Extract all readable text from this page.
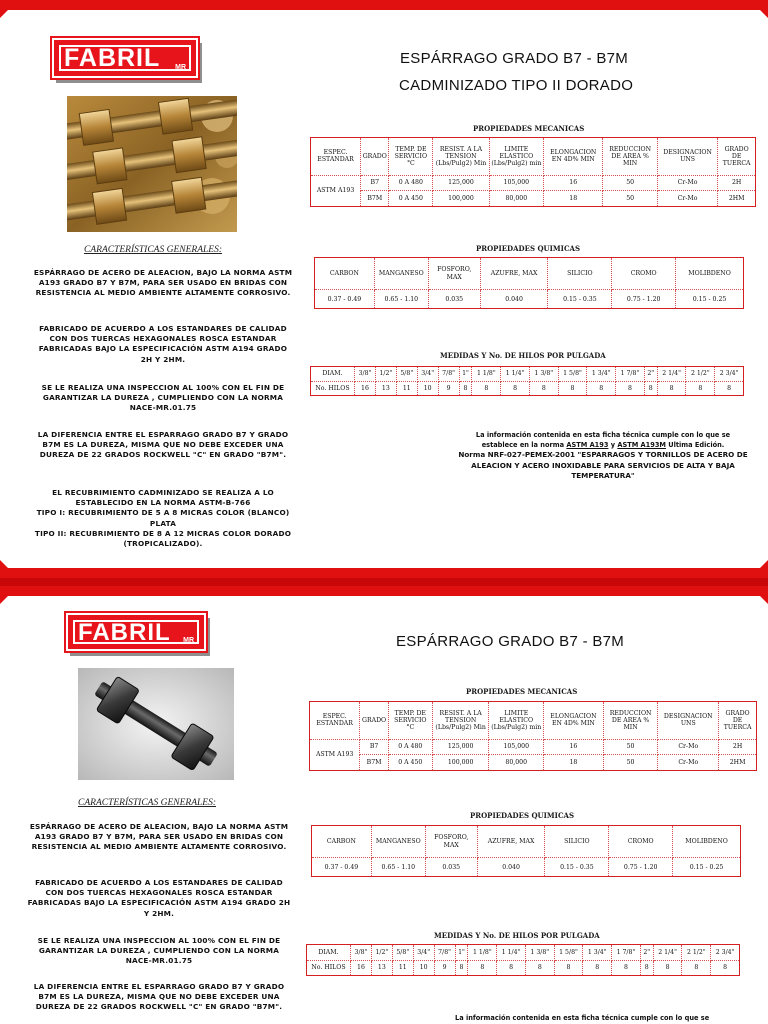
FABRIL MR
ESPÁRRAGO GRADO B7 - B7M
CADMINIZADO TIPO II DORADO
PROPIEDADES MECANICAS
ESPEC. ESTANDAR	GRADO	TEMP. DE SERVICIO °C	RESIST. A LA TENSION (Lbs/Pulg2) Min	LIMITE ELASTICO (Lbs/Pulg2) min	ELONGACION EN 4D% MIN	REDUCCION DE AREA % MIN	DESIGNACION UNS	GRADO DE TUERCA
ASTM A193	B7	0 A 480	125,000	105,000	16	50	Cr-Mo	2H
	B7M	0 A 450	100,000	80,000	18	50	Cr-Mo	2HM
PROPIEDADES QUIMICAS
CARBON	MANGANESO	FOSFORO, MAX	AZUFRE, MAX	SILICIO	CROMO	MOLIBDENO
0.37 - 0.49	0.65 - 1.10	0.035	0.040	0.15 - 0.35	0.75 - 1.20	0.15 - 0.25
MEDIDAS Y No. DE HILOS POR PULGADA
DIAM.	3/8"	1/2"	5/8"	3/4"	7/8"	1"	1 1/8"	1 1/4"	1 3/8"	1 5/8"	1 3/4"	1 7/8"	2"	2 1/4"	2 1/2"	2 3/4"
No. HILOS	16	13	11	10	9	8	8	8	8	8	8	8	8	8	8	8
CARACTERÍSTICAS GENERALES:
ESPÁRRAGO DE ACERO DE ALEACION, BAJO LA NORMA ASTM A193 GRADO B7 Y B7M, PARA SER USADO EN BRIDAS CON RESISTENCIA AL MEDIO AMBIENTE ALTAMENTE CORROSIVO.
FABRICADO DE ACUERDO A LOS ESTANDARES DE CALIDAD CON DOS TUERCAS HEXAGONALES ROSCA ESTANDAR FABRICADAS BAJO LA ESPECIFICACIÓN ASTM A194 GRADO 2H Y 2HM.
SE LE REALIZA UNA INSPECCION AL 100% CON EL FIN DE GARANTIZAR LA DUREZA , CUMPLIENDO CON LA NORMA NACE-MR.01.75
LA DIFERENCIA ENTRE EL ESPARRAGO GRADO B7 Y GRADO B7M ES LA DUREZA, MISMA QUE NO DEBE EXCEDER UNA DUREZA DE 22 GRADOS ROCKWELL "C" EN GRADO "B7M".
EL RECUBRIMIENTO CADMINIZADO SE REALIZA A LO ESTABLECIDO EN LA NORMA ASTM-B-766
TIPO I: RECUBRIMIENTO DE 5 A 8 MICRAS COLOR (BLANCO) PLATA
TIPO II: RECUBRIMIENTO DE 8 A 12 MICRAS COLOR DORADO (TROPICALIZADO).
La información contenida en esta ficha técnica cumple con lo que se establece en la norma ASTM A193 y ASTM A193M Ultima Edición.
Norma NRF-027-PEMEX-2001 "ESPARRAGOS Y TORNILLOS DE ACERO DE ALEACION Y ACERO INOXIDABLE PARA SERVICIOS DE ALTA Y BAJA TEMPERATURA"
FABRIL MR	ESPÁRRAGO GRADO B7 - B7M
PROPIEDADES MECANICAS
ESPEC. ESTANDAR	GRADO	TEMP. DE SERVICIO °C	RESIST. A LA TENSION (Lbs/Pulg2) Min	LIMITE ELASTICO (Lbs/Pulg2) min	ELONGACION EN 4D% MIN	REDUCCION DE AREA % MIN	DESIGNACION UNS	GRADO DE TUERCA
ASTM A193	B7	0 A 480	125,000	105,000	16	50	Cr-Mo	2H
	B7M	0 A 450	100,000	80,000	18	50	Cr-Mo	2HM
PROPIEDADES QUIMICAS
CARBON	MANGANESO	FOSFORO, MAX	AZUFRE, MAX	SILICIO	CROMO	MOLIBDENO
0.37 - 0.49	0.65 - 1.10	0.035	0.040	0.15 - 0.35	0.75 - 1.20	0.15 - 0.25
MEDIDAS Y No. DE HILOS POR PULGADA
DIAM.	3/8"	1/2"	5/8"	3/4"	7/8"	1"	1 1/8"	1 1/4"	1 3/8"	1 5/8"	1 3/4"	1 7/8"	2"	2 1/4"	2 1/2"	2 3/4"
No. HILOS	16	13	11	10	9	8	8	8	8	8	8	8	8	8	8	8
CARACTERÍSTICAS GENERALES:
ESPÁRRAGO DE ACERO DE ALEACION, BAJO LA NORMA ASTM A193 GRADO B7 Y B7M, PARA SER USADO EN BRIDAS CON RESISTENCIA AL MEDIO AMBIENTE ALTAMENTE CORROSIVO.
FABRICADO DE ACUERDO A LOS ESTANDARES DE CALIDAD CON DOS TUERCAS HEXAGONALES ROSCA ESTANDAR FABRICADAS BAJO LA ESPECIFICACIÓN ASTM A194 GRADO 2H Y 2HM.
SE LE REALIZA UNA INSPECCION AL 100% CON EL FIN DE GARANTIZAR LA DUREZA , CUMPLIENDO CON LA NORMA NACE-MR.01.75
LA DIFERENCIA ENTRE EL ESPARRAGO GRADO B7 Y GRADO B7M ES LA DUREZA, MISMA QUE NO DEBE EXCEDER UNA DUREZA DE 22 GRADOS ROCKWELL "C" EN GRADO "B7M".
La información contenida en esta ficha técnica cumple con lo que se
